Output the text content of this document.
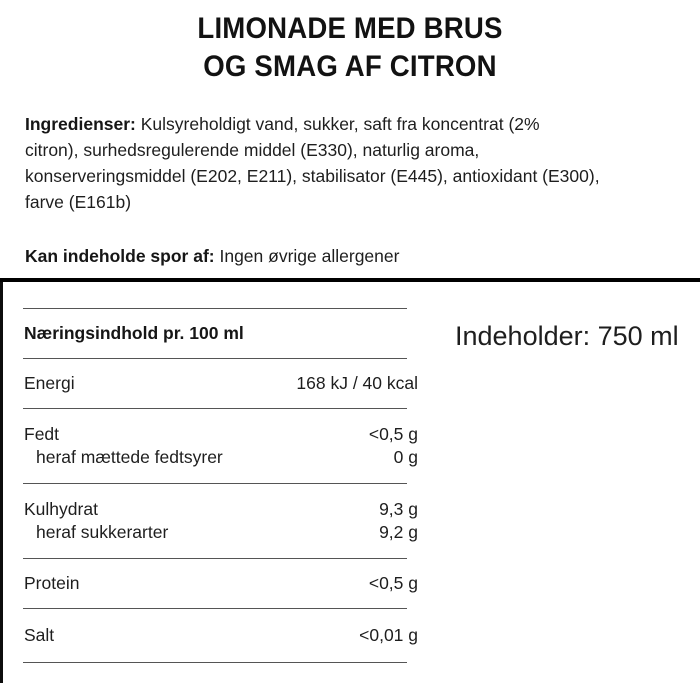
LIMONADE MED BRUS
OG SMAG AF CITRON
Ingredienser: Kulsyreholdigt vand, sukker, saft fra koncentrat (2%
citron), surhedsregulerende middel (E330), naturlig aroma,
konserveringsmiddel (E202, E211), stabilisator (E445), antioxidant (E300),
farve (E161b)
Kan indeholde spor af: Ingen øvrige allergener
Næringsindhold pr. 100 ml
Energi	168 kJ / 40 kcal
Fedt	<0,5 g
heraf mættede fedtsyrer	0 g
Kulhydrat	9,3 g
heraf sukkerarter	9,2 g
Protein	<0,5 g
Salt	<0,01 g
Indeholder: 750 ml
